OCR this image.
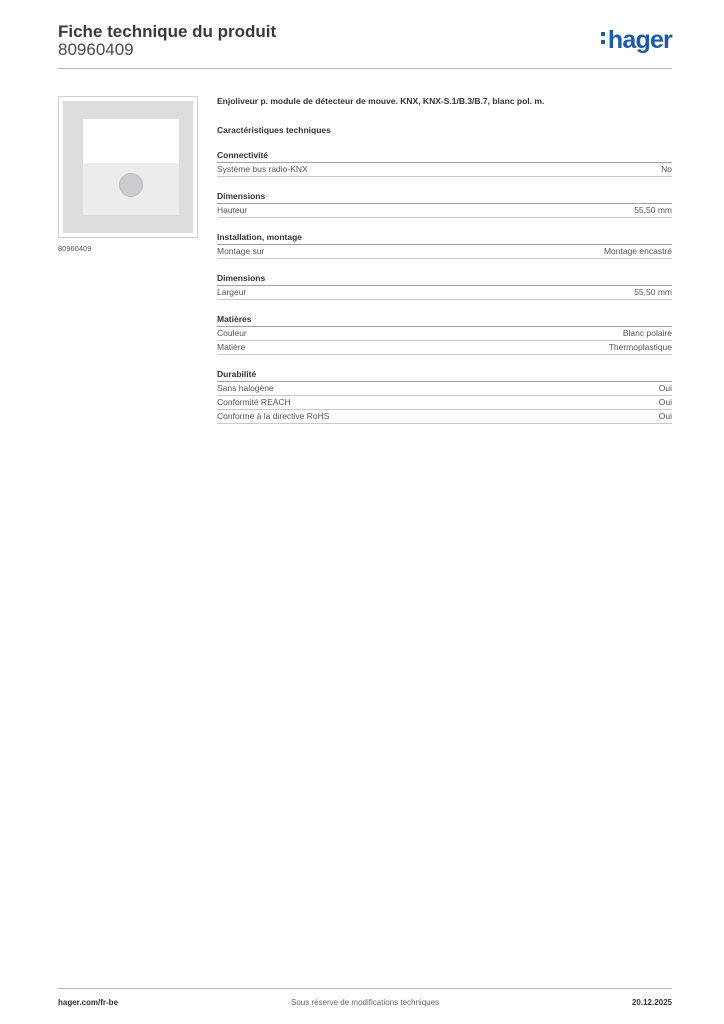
Fiche technique du produit
80960409	hager
80960409
Enjoliveur p. module de détecteur de mouve. KNX, KNX-S.1/B.3/B.7, blanc pol. m.
Caractéristiques techniques
Connectivité
Système bus radio-KNX	No
Dimensions
Hauteur	55,50 mm
Installation, montage
Montage sur	Montage encastré
Dimensions
Largeur	55,50 mm
Matières
Couleur	Blanc polaire
Matière	Thermoplastique
Durabilité
Sans halogène	Oui
Conformité REACH	Oui
Conforme à la directive RoHS	Oui
hager.com/fr-be	Sous réserve de modifications techniques	20.12.2025
